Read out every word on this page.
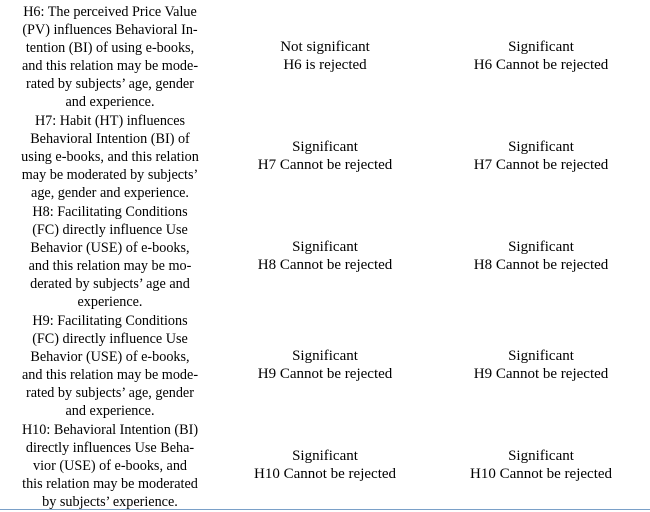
H6: The perceived Price Value
(PV) influences Behavioral In-
tention (BI) of using e-books,
and this relation may be mode-
rated by subjects’ age, gender
and experience.
Not significant
H6 is rejected
Significant
H6 Cannot be rejected
H7: Habit (HT) influences
Behavioral Intention (BI) of
using e-books, and this relation
may be moderated by subjects’
age, gender and experience.
Significant
H7 Cannot be rejected
Significant
H7 Cannot be rejected
H8: Facilitating Conditions
(FC) directly influence Use
Behavior (USE) of e-books,
and this relation may be mo-
derated by subjects’ age and
experience.
Significant
H8 Cannot be rejected
Significant
H8 Cannot be rejected
H9: Facilitating Conditions
(FC) directly influence Use
Behavior (USE) of e-books,
and this relation may be mode-
rated by subjects’ age, gender
and experience.
Significant
H9 Cannot be rejected
Significant
H9 Cannot be rejected
H10: Behavioral Intention (BI)
directly influences Use Beha-
vior (USE) of e-books, and
this relation may be moderated
by subjects’ experience.
Significant
H10 Cannot be rejected
Significant
H10 Cannot be rejected
